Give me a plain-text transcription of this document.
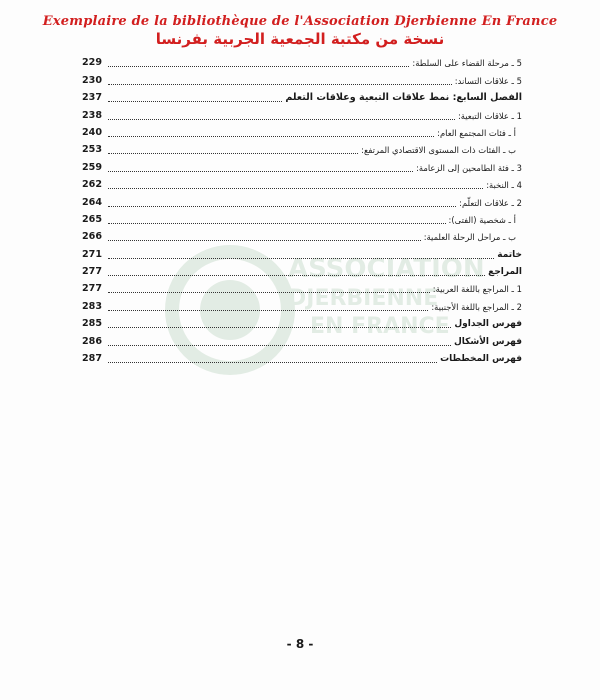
Exemplaire de la bibliothèque de l'Association Djerbienne En France
نسخة من مكتبة الجمعية الجربية بفرنسا
ASSOCIATION
DJERBIENNE
EN FRANCE
5 ـ مرحلة القضاء على السلطة:
229
5 ـ علاقات التساند:
230
الفصل السابع: نمط علاقات التبعية وعلاقات التعلم
237
1 ـ علاقات التبعية:
238
أ ـ فئات المجتمع العام:
240
ب ـ الفئات ذات المستوى الاقتصادي المرتفع:
253
3 ـ فئة الطامحين إلى الزعامة:
259
4 ـ النخبة:
262
2 ـ علاقات التعلّم:
264
أ ـ شخصية (الفتى):
265
ب ـ مراحل الرحلة العلمية:
266
خاتمة
271
المراجع
277
1 ـ المراجع باللغة العربية:
277
2 ـ المراجع باللغة الأجنبية:
283
فهرس الجداول
285
فهرس الأشكال
286
فهرس المخططات
287
- 8 -
